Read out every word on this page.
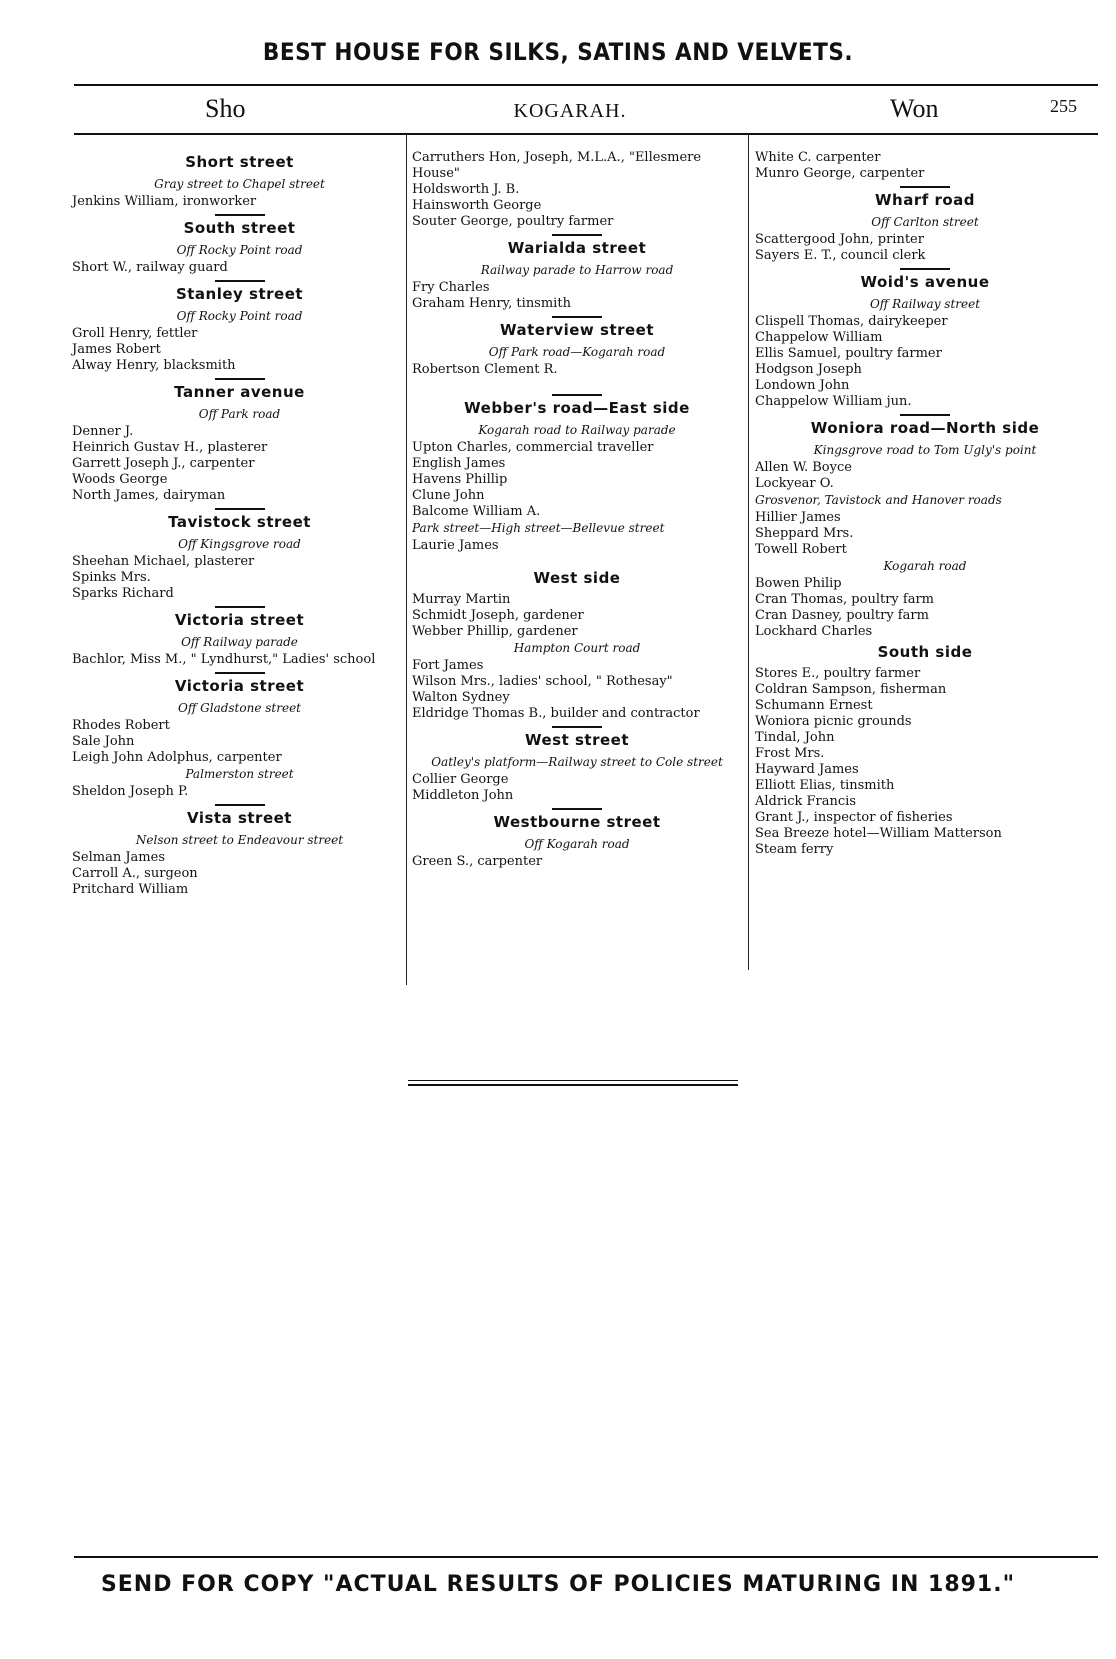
BEST HOUSE FOR SILKS, SATINS AND VELVETS.
Sho	KOGARAH.	Won	255
Short street
Gray street to Chapel street
Jenkins William, ironworker
South street
Off Rocky Point road
Short W., railway guard
Stanley street
Off Rocky Point road
Groll Henry, fettler
James Robert
Alway Henry, blacksmith
Tanner avenue
Off Park road
Denner J.
Heinrich Gustav H., plasterer
Garrett Joseph J., carpenter
Woods George
North James, dairyman
Tavistock street
Off Kingsgrove road
Sheehan Michael, plasterer
Spinks Mrs.
Sparks Richard
Victoria street
Off Railway parade
Bachlor, Miss M., " Lyndhurst," Ladies' school
Victoria street
Off Gladstone street
Rhodes Robert
Sale John
Leigh John Adolphus, carpenter
Palmerston street
Sheldon Joseph P.
Vista street
Nelson street to Endeavour street
Selman James
Carroll A., surgeon
Pritchard William
Carruthers Hon, Joseph, M.L.A., "Ellesmere House"
Holdsworth J. B.
Hainsworth George
Souter George, poultry farmer
Warialda street
Railway parade to Harrow road
Fry Charles
Graham Henry, tinsmith
Waterview street
Off Park road—Kogarah road
Robertson Clement R.
Webber's road—East side
Kogarah road to Railway parade
Upton Charles, commercial traveller
English James
Havens Phillip
Clune John
Balcome William A.
Park street—High street—Bellevue street
Laurie James
West side
Murray Martin
Schmidt Joseph, gardener
Webber Phillip, gardener
Hampton Court road
Fort James
Wilson Mrs., ladies' school, " Rothesay"
Walton Sydney
Eldridge Thomas B., builder and contractor
West street
Oatley's platform—Railway street to Cole street
Collier George
Middleton John
Westbourne street
Off Kogarah road
Green S., carpenter
White C. carpenter
Munro George, carpenter
Wharf road
Off Carlton street
Scattergood John, printer
Sayers E. T., council clerk
Woid's avenue
Off Railway street
Clispell Thomas, dairykeeper
Chappelow William
Ellis Samuel, poultry farmer
Hodgson Joseph
Londown John
Chappelow William jun.
Woniora road—North side
Kingsgrove road to Tom Ugly's point
Allen W. Boyce
Lockyear O.
Grosvenor, Tavistock and Hanover roads
Hillier James
Sheppard Mrs.
Towell Robert
Kogarah road
Bowen Philip
Cran Thomas, poultry farm
Cran Dasney, poultry farm
Lockhard Charles
South side
Stores E., poultry farmer
Coldran Sampson, fisherman
Schumann Ernest
Woniora picnic grounds
Tindal, John
Frost Mrs.
Hayward James
Elliott Elias, tinsmith
Aldrick Francis
Grant J., inspector of fisheries
Sea Breeze hotel—William Matterson
Steam ferry
SEND FOR COPY "ACTUAL RESULTS OF POLICIES MATURING IN 1891."
